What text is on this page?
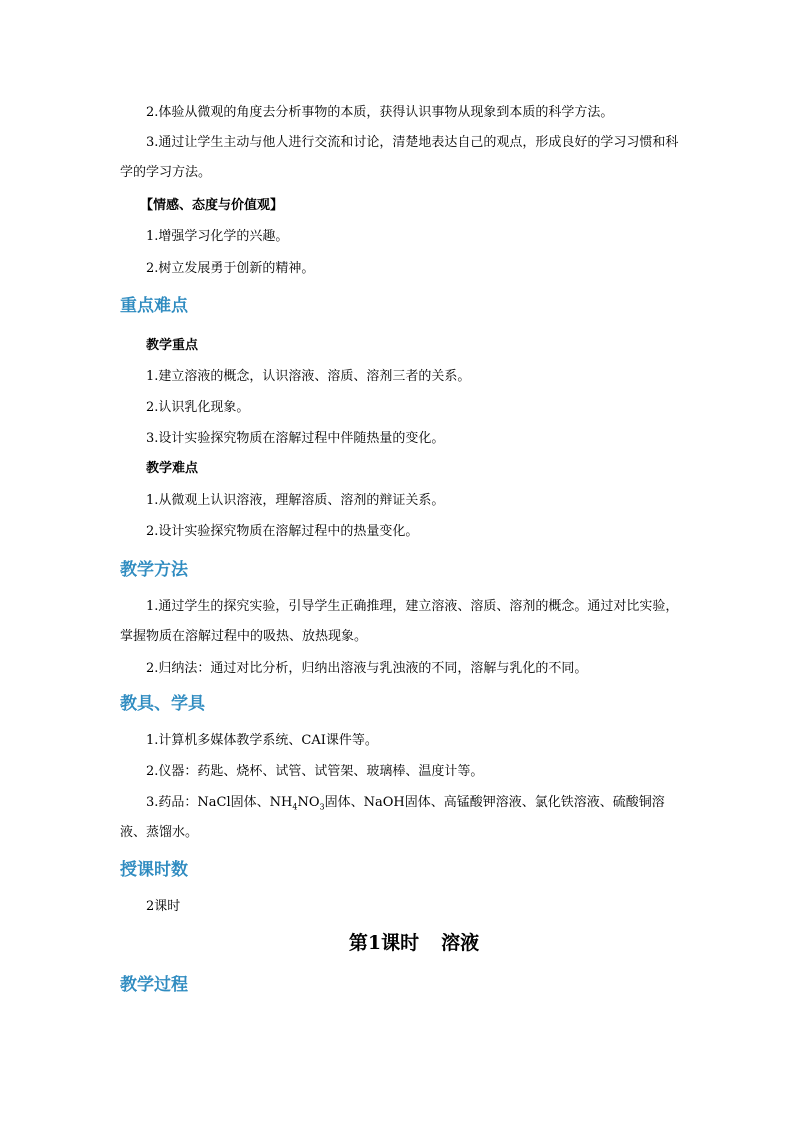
2.体验从微观的角度去分析事物的本质，获得认识事物从现象到本质的科学方法。

3.通过让学生主动与他人进行交流和讨论，清楚地表达自己的观点，形成良好的学习习惯和科学的学习方法。

【情感、态度与价值观】

1.增强学习化学的兴趣。

2.树立发展勇于创新的精神。

重点难点

教学重点

1.建立溶液的概念，认识溶液、溶质、溶剂三者的关系。

2.认识乳化现象。

3.设计实验探究物质在溶解过程中伴随热量的变化。

教学难点

1.从微观上认识溶液，理解溶质、溶剂的辩证关系。

2.设计实验探究物质在溶解过程中的热量变化。

教学方法

1.通过学生的探究实验，引导学生正确推理，建立溶液、溶质、溶剂的概念。通过对比实验，掌握物质在溶解过程中的吸热、放热现象。

2.归纳法：通过对比分析，归纳出溶液与乳浊液的不同，溶解与乳化的不同。

教具、学具

1.计算机多媒体教学系统、CAI课件等。

2.仪器：药匙、烧杯、试管、试管架、玻璃棒、温度计等。

3.药品：NaCl固体、$NH_4NO_3$固体、NaOH固体、高锰酸钾溶液、氯化铁溶液、硫酸铜溶液、蒸馏水。

授课时数

2课时

第1课时 溶液

教学过程
